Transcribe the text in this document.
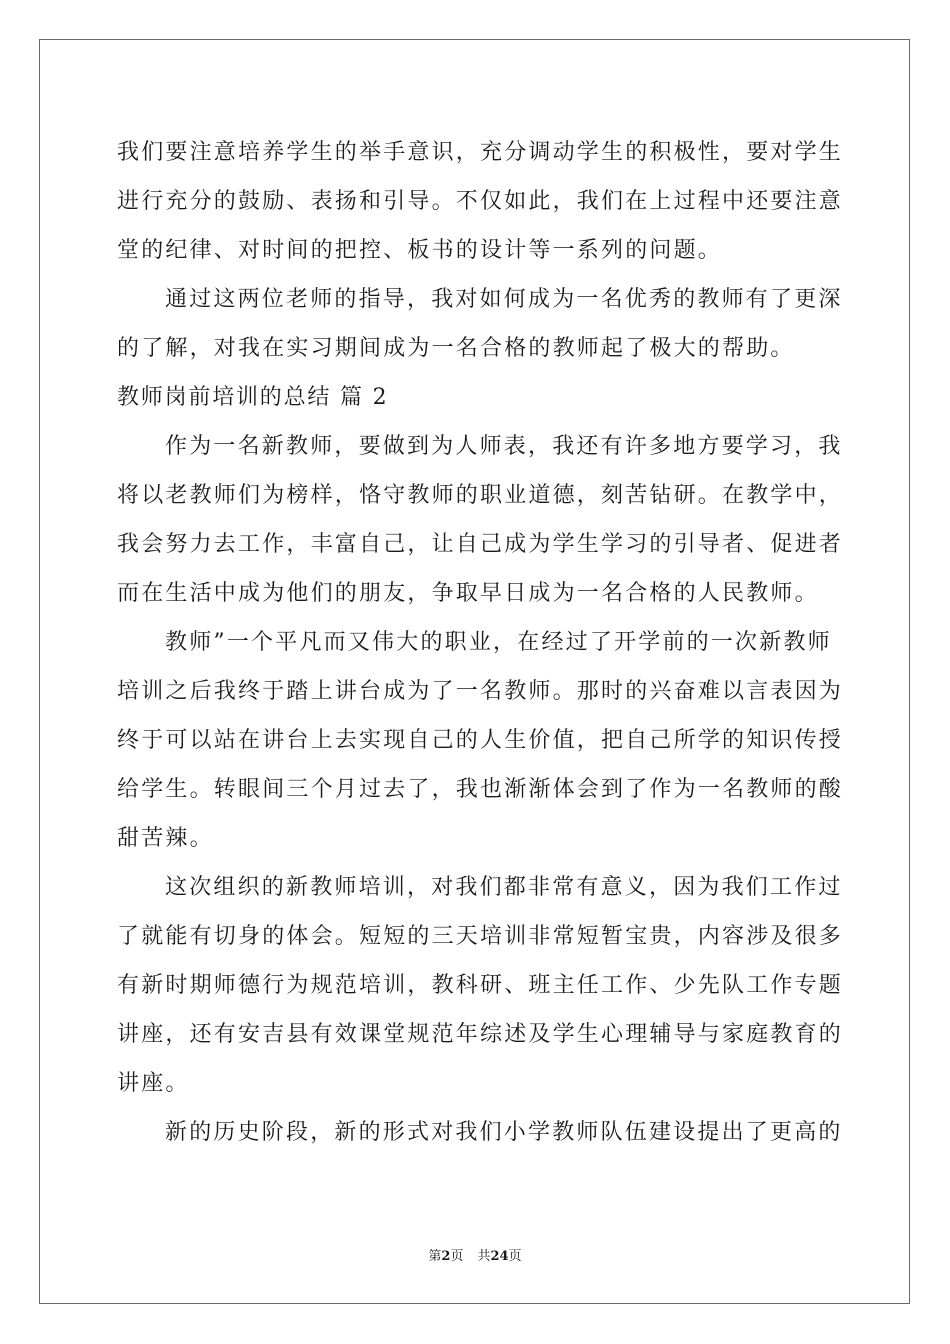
我们要注意培养学生的举手意识，充分调动学生的积极性，要对学生
进行充分的鼓励、表扬和引导。不仅如此，我们在上过程中还要注意
堂的纪律、对时间的把控、板书的设计等一系列的问题。
通过这两位老师的指导，我对如何成为一名优秀的教师有了更深
的了解，对我在实习期间成为一名合格的教师起了极大的帮助。
教师岗前培训的总结 篇 2
作为一名新教师，要做到为人师表，我还有许多地方要学习，我
将以老教师们为榜样，恪守教师的职业道德，刻苦钻研。在教学中，
我会努力去工作，丰富自己，让自己成为学生学习的引导者、促进者
而在生活中成为他们的朋友，争取早日成为一名合格的人民教师。
教师”一个平凡而又伟大的职业，在经过了开学前的一次新教师
培训之后我终于踏上讲台成为了一名教师。那时的兴奋难以言表因为
终于可以站在讲台上去实现自己的人生价值，把自己所学的知识传授
给学生。转眼间三个月过去了，我也渐渐体会到了作为一名教师的酸
甜苦辣。
这次组织的新教师培训，对我们都非常有意义，因为我们工作过
了就能有切身的体会。短短的三天培训非常短暂宝贵，内容涉及很多
有新时期师德行为规范培训，教科研、班主任工作、少先队工作专题
讲座，还有安吉县有效课堂规范年综述及学生心理辅导与家庭教育的
讲座。
新的历史阶段，新的形式对我们小学教师队伍建设提出了更高的
第2页 共24页
